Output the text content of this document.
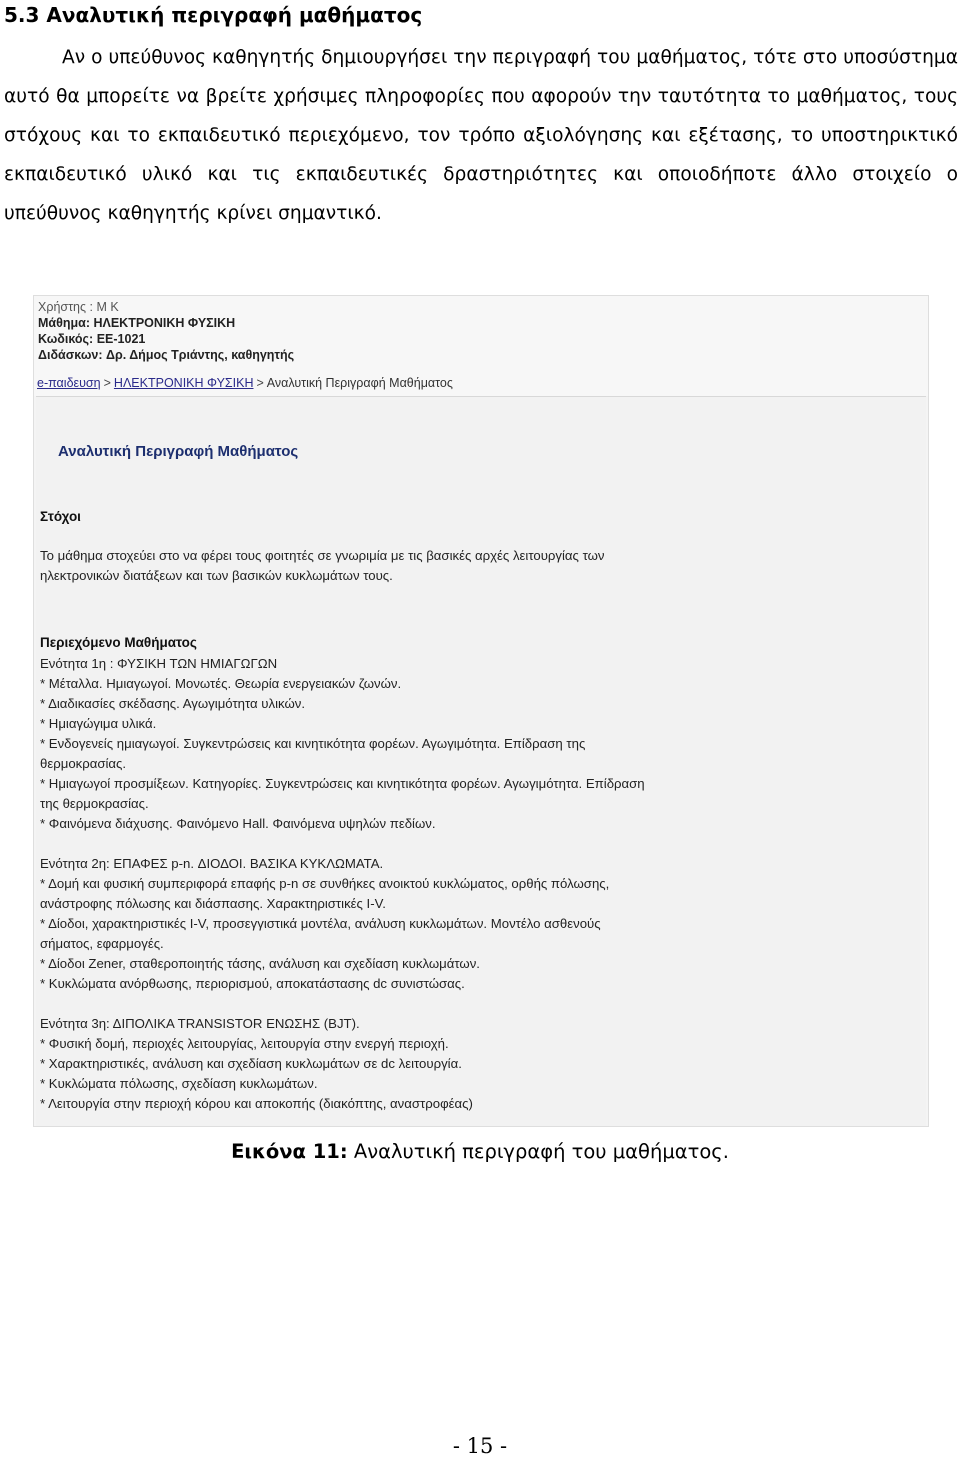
5.3 Αναλυτική περιγραφή μαθήματος
Αν ο υπεύθυνος καθηγητής δημιουργήσει την περιγραφή του μαθήματος, τότε στο υποσύστημα αυτό θα μπορείτε να βρείτε χρήσιμες πληροφορίες που αφορούν την ταυτότητα το μαθήματος, τους στόχους και το εκπαιδευτικό περιεχόμενο, τον τρόπο αξιολόγησης και εξέτασης, το υποστηρικτικό εκπαιδευτικό υλικό και τις εκπαιδευτικές δραστηριότητες και οποιοδήποτε άλλο στοιχείο ο υπεύθυνος καθηγητής κρίνει σημαντικό.
Χρήστης : M K
Μάθημα: ΗΛΕΚΤΡΟΝΙΚΗ ΦΥΣΙΚΗ
Κωδικός: ΕΕ-1021
Διδάσκων: Δρ. Δήμος Τριάντης, καθηγητής
e-παιδευση > ΗΛΕΚΤΡΟΝΙΚΗ ΦΥΣΙΚΗ > Αναλυτική Περιγραφή Μαθήματος
Αναλυτική Περιγραφή Μαθήματος
Στόχοι
Το μάθημα στοχεύει στο να φέρει τους φοιτητές σε γνωριμία με τις βασικές αρχές λειτουργίας των
ηλεκτρονικών διατάξεων και των βασικών κυκλωμάτων τους.
Περιεχόμενο Μαθήματος
Ενότητα 1η : ΦΥΣΙΚΗ ΤΩΝ ΗΜΙΑΓΩΓΩΝ
* Μέταλλα. Ημιαγωγοί. Μονωτές. Θεωρία ενεργειακών ζωνών.
* Διαδικασίες σκέδασης. Αγωγιμότητα υλικών.
* Ημιαγώγιμα υλικά.
* Ενδογενείς ημιαγωγοί. Συγκεντρώσεις και κινητικότητα φορέων. Αγωγιμότητα. Επίδραση της
θερμοκρασίας.
* Ημιαγωγοί προσμίξεων. Κατηγορίες. Συγκεντρώσεις και κινητικότητα φορέων. Αγωγιμότητα. Επίδραση
της θερμοκρασίας.
* Φαινόμενα διάχυσης. Φαινόμενο Hall. Φαινόμενα υψηλών πεδίων.
Ενότητα 2η: ΕΠΑΦΕΣ p-n. ΔΙΟΔΟΙ. ΒΑΣΙΚΑ ΚΥΚΛΩΜΑΤΑ.
* Δομή και φυσική συμπεριφορά επαφής p-n σε συνθήκες ανοικτού κυκλώματος, ορθής πόλωσης,
ανάστροφης πόλωσης και διάσπασης. Χαρακτηριστικές I-V.
* Δίοδοι, χαρακτηριστικές I-V, προσεγγιστικά μοντέλα, ανάλυση κυκλωμάτων. Μοντέλο ασθενούς
σήματος, εφαρμογές.
* Δίοδοι Zener, σταθεροποιητής τάσης, ανάλυση και σχεδίαση κυκλωμάτων.
* Κυκλώματα ανόρθωσης, περιορισμού, αποκατάστασης dc συνιστώσας.
Ενότητα 3η: ΔΙΠΟΛΙΚΑ TRANSISTOR ΕΝΩΣΗΣ (BJT).
* Φυσική δομή, περιοχές λειτουργίας, λειτουργία στην ενεργή περιοχή.
* Χαρακτηριστικές, ανάλυση και σχεδίαση κυκλωμάτων σε dc λειτουργία.
* Κυκλώματα πόλωσης, σχεδίαση κυκλωμάτων.
* Λειτουργία στην περιοχή κόρου και αποκοπής (διακόπτης, αναστροφέας)
Εικόνα 11: Αναλυτική περιγραφή του μαθήματος.
- 15 -
